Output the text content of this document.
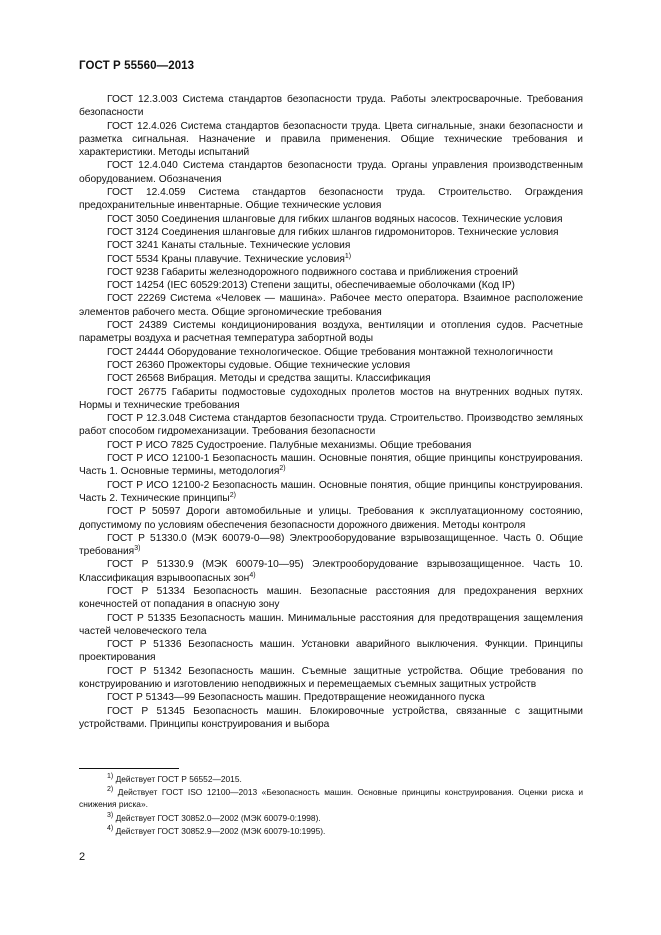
ГОСТ Р 55560—2013

ГОСТ 12.3.003 Система стандартов безопасности труда. Работы электросварочные. Требования безопасности

ГОСТ 12.4.026 Система стандартов безопасности труда. Цвета сигнальные, знаки безопасности и разметка сигнальная. Назначение и правила применения. Общие технические требования и характеристики. Методы испытаний

ГОСТ 12.4.040 Система стандартов безопасности труда. Органы управления производственным оборудованием. Обозначения

ГОСТ 12.4.059 Система стандартов безопасности труда. Строительство. Ограждения предохранительные инвентарные. Общие технические условия

ГОСТ 3050 Соединения шланговые для гибких шлангов водяных насосов. Технические условия

ГОСТ 3124 Соединения шланговые для гибких шлангов гидромониторов. Технические условия

ГОСТ 3241 Канаты стальные. Технические условия

ГОСТ 5534 Краны плавучие. Технические условия$^{1)}$

ГОСТ 9238 Габариты железнодорожного подвижного состава и приближения строений

ГОСТ 14254 (IEC 60529:2013) Степени защиты, обеспечиваемые оболочками (Код IP)

ГОСТ 22269 Система «Человек — машина». Рабочее место оператора. Взаимное расположение элементов рабочего места. Общие эргономические требования

ГОСТ 24389 Системы кондиционирования воздуха, вентиляции и отопления судов. Расчетные параметры воздуха и расчетная температура забортной воды

ГОСТ 24444 Оборудование технологическое. Общие требования монтажной технологичности

ГОСТ 26360 Прожекторы судовые. Общие технические условия

ГОСТ 26568 Вибрация. Методы и средства защиты. Классификация

ГОСТ 26775 Габариты подмостовые судоходных пролетов мостов на внутренних водных путях. Нормы и технические требования

ГОСТ Р 12.3.048 Система стандартов безопасности труда. Строительство. Производство земляных работ способом гидромеханизации. Требования безопасности

ГОСТ Р ИСО 7825 Судостроение. Палубные механизмы. Общие требования

ГОСТ Р ИСО 12100-1 Безопасность машин. Основные понятия, общие принципы конструирования. Часть 1. Основные термины, методология$^{2)}$

ГОСТ Р ИСО 12100-2 Безопасность машин. Основные понятия, общие принципы конструирования. Часть 2. Технические принципы$^{2)}$

ГОСТ Р 50597 Дороги автомобильные и улицы. Требования к эксплуатационному состоянию, допустимому по условиям обеспечения безопасности дорожного движения. Методы контроля

ГОСТ Р 51330.0 (МЭК 60079-0—98) Электрооборудование взрывозащищенное. Часть 0. Общие требования$^{3)}$

ГОСТ Р 51330.9 (МЭК 60079-10—95) Электрооборудование взрывозащищенное. Часть 10. Классификация взрывоопасных зон$^{4)}$

ГОСТ Р 51334 Безопасность машин. Безопасные расстояния для предохранения верхних конечностей от попадания в опасную зону

ГОСТ Р 51335 Безопасность машин. Минимальные расстояния для предотвращения защемления частей человеческого тела

ГОСТ Р 51336 Безопасность машин. Установки аварийного выключения. Функции. Принципы проектирования

ГОСТ Р 51342 Безопасность машин. Съемные защитные устройства. Общие требования по конструированию и изготовлению неподвижных и перемещаемых съемных защитных устройств

ГОСТ Р 51343—99 Безопасность машин. Предотвращение неожиданного пуска

ГОСТ Р 51345 Безопасность машин. Блокировочные устройства, связанные с защитными устройствами. Принципы конструирования и выбора

$^{1)}$ Действует ГОСТ Р 56552—2015.

$^{2)}$ Действует ГОСТ ISO 12100—2013 «Безопасность машин. Основные принципы конструирования. Оценки риска и снижения риска».

$^{3)}$ Действует ГОСТ 30852.0—2002 (МЭК 60079-0:1998).

$^{4)}$ Действует ГОСТ 30852.9—2002 (МЭК 60079-10:1995).

2
